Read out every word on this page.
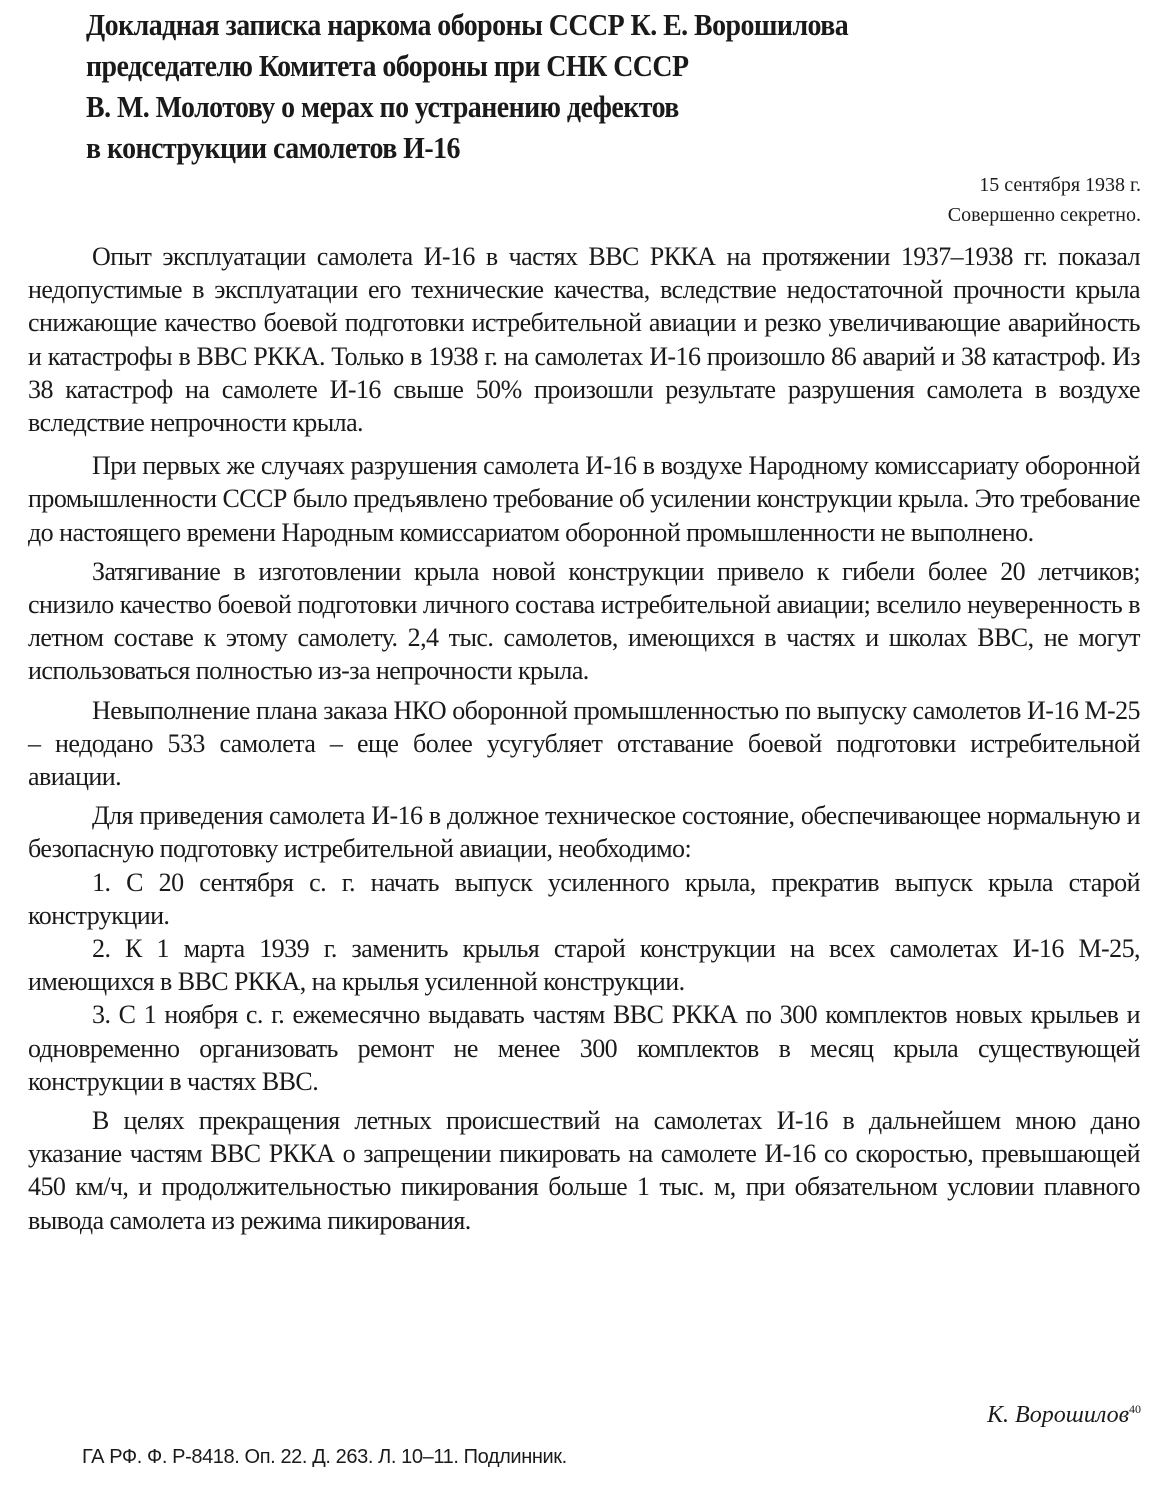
Докладная записка наркома обороны СССР К. Е. Ворошилова
председателю Комитета обороны при СНК СССР
В. М. Молотову о мерах по устранению дефектов
в конструкции самолетов И-16
15 сентября 1938 г.
Совершенно секретно.

Опыт эксплуатации самолета И-16 в частях ВВС РККА на протяжении 1937–1938 гг. показал недопустимые в эксплуатации его технические качества, вследствие недостаточной прочности крыла снижающие качество боевой подготовки истребительной авиации и резко увеличивающие аварийность и катастрофы в ВВС РККА. Только в 1938 г. на самолетах И-16 произошло 86 аварий и 38 катастроф. Из 38 катастроф на самолете И-16 свыше 50% произошли результате разрушения самолета в воздухе вследствие непрочности крыла.

При первых же случаях разрушения самолета И-16 в воздухе Народному комиссариату оборонной промышленности СССР было предъявлено требование об усилении конструкции крыла. Это требование до настоящего времени Народным комиссариатом оборонной промышленности не выполнено.

Затягивание в изготовлении крыла новой конструкции привело к гибели более 20 летчиков; снизило качество боевой подготовки личного состава истребительной авиации; вселило неуверенность в летном составе к этому самолету. 2,4 тыс. самолетов, имеющихся в частях и школах ВВС, не могут использоваться полностью из-за непрочности крыла.

Невыполнение плана заказа НКО оборонной промышленностью по выпуску самолетов И-16 М-25 – недодано 533 самолета – еще более усугубляет отставание боевой подготовки истребительной авиации.

Для приведения самолета И-16 в должное техническое состояние, обеспечивающее нормальную и безопасную подготовку истребительной авиации, необходимо:

1. С 20 сентября с. г. начать выпуск усиленного крыла, прекратив выпуск крыла старой конструкции.

2. К 1 марта 1939 г. заменить крылья старой конструкции на всех самолетах И-16 М-25, имеющихся в ВВС РККА, на крылья усиленной конструкции.

3. С 1 ноября с. г. ежемесячно выдавать частям ВВС РККА по 300 комплектов новых крыльев и одновременно организовать ремонт не менее 300 комплектов в месяц крыла существующей конструкции в частях ВВС.

В целях прекращения летных происшествий на самолетах И-16 в дальнейшем мною дано указание частям ВВС РККА о запрещении пикировать на самолете И-16 со скоростью, превышающей 450 км/ч, и продолжительностью пикирования больше 1 тыс. м, при обязательном условии плавного вывода самолета из режима пикирования.

К. Ворошилов$^{40}$
ГА РФ. Ф. Р-8418. Оп. 22. Д. 263. Л. 10–11. Подлинник.
